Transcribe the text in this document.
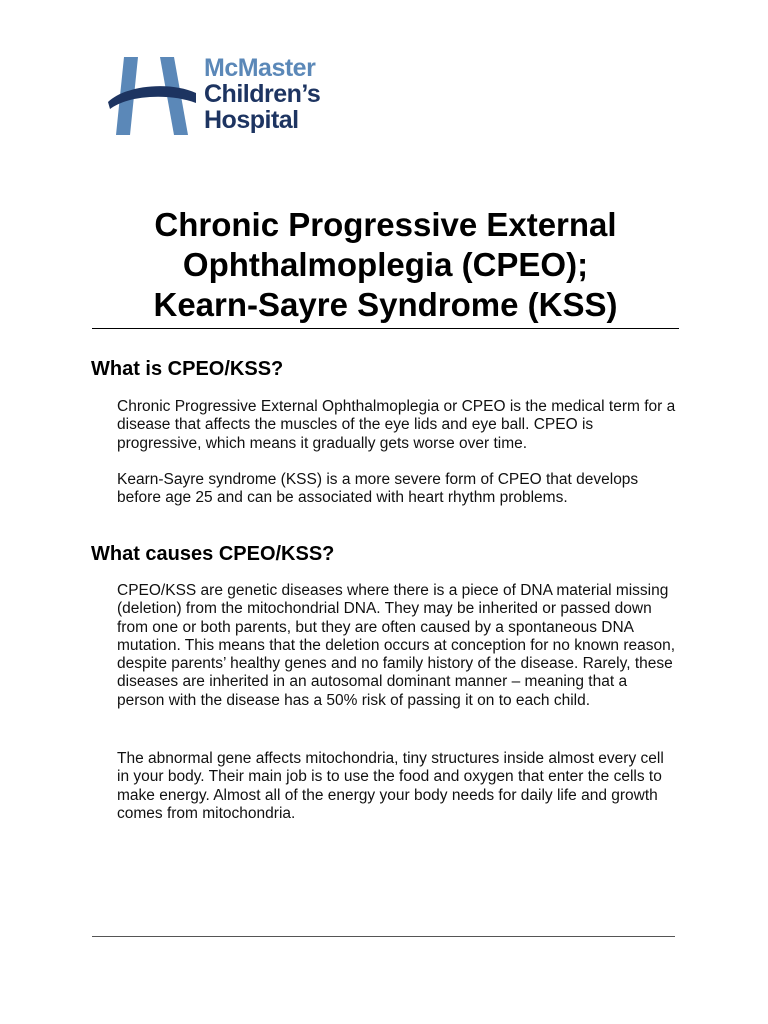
McMaster
Children’s
Hospital
Chronic Progressive External
Ophthalmoplegia (CPEO);
Kearn-Sayre Syndrome (KSS)
What is CPEO/KSS?

Chronic Progressive External Ophthalmoplegia or CPEO is the medical term for a disease that affects the muscles of the eye lids and eye ball. CPEO is progressive, which means it gradually gets worse over time.

Kearn-Sayre syndrome (KSS) is a more severe form of CPEO that develops before age 25 and can be associated with heart rhythm problems.

What causes CPEO/KSS?

CPEO/KSS are genetic diseases where there is a piece of DNA material missing (deletion) from the mitochondrial DNA. They may be inherited or passed down from one or both parents, but they are often caused by a spontaneous DNA mutation. This means that the deletion occurs at conception for no known reason, despite parents’ healthy genes and no family history of the disease. Rarely, these diseases are inherited in an autosomal dominant manner – meaning that a person with the disease has a 50% risk of passing it on to each child.

The abnormal gene affects mitochondria, tiny structures inside almost every cell in your body. Their main job is to use the food and oxygen that enter the cells to make energy. Almost all of the energy your body needs for daily life and growth comes from mitochondria.
